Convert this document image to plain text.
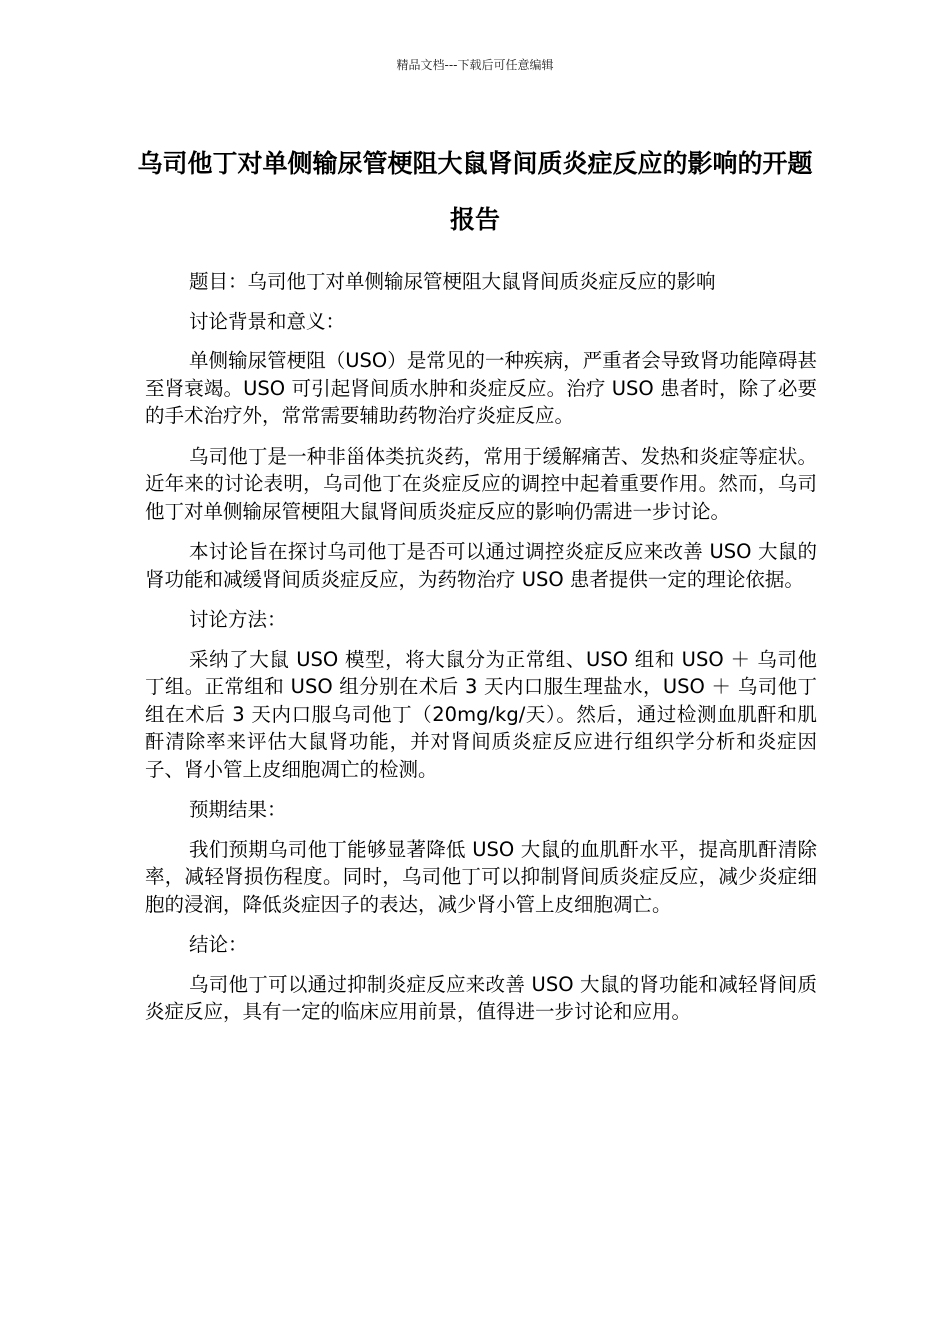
精品文档---下载后可任意编辑
乌司他丁对单侧输尿管梗阻大鼠肾间质炎症反应的影响的开题报告

题目：乌司他丁对单侧输尿管梗阻大鼠肾间质炎症反应的影响

讨论背景和意义：

单侧输尿管梗阻（USO）是常见的一种疾病，严重者会导致肾功能障碍甚至肾衰竭。USO 可引起肾间质水肿和炎症反应。治疗 USO 患者时，除了必要的手术治疗外，常常需要辅助药物治疗炎症反应。

乌司他丁是一种非甾体类抗炎药，常用于缓解痛苦、发热和炎症等症状。近年来的讨论表明，乌司他丁在炎症反应的调控中起着重要作用。然而，乌司他丁对单侧输尿管梗阻大鼠肾间质炎症反应的影响仍需进一步讨论。

本讨论旨在探讨乌司他丁是否可以通过调控炎症反应来改善 USO 大鼠的肾功能和减缓肾间质炎症反应，为药物治疗 USO 患者提供一定的理论依据。

讨论方法：

采纳了大鼠 USO 模型，将大鼠分为正常组、USO 组和 USO ＋ 乌司他丁组。正常组和 USO 组分别在术后 3 天内口服生理盐水，USO ＋ 乌司他丁组在术后 3 天内口服乌司他丁（20mg/kg/天）。然后，通过检测血肌酐和肌酐清除率来评估大鼠肾功能，并对肾间质炎症反应进行组织学分析和炎症因子、肾小管上皮细胞凋亡的检测。

预期结果：

我们预期乌司他丁能够显著降低 USO 大鼠的血肌酐水平，提高肌酐清除率，减轻肾损伤程度。同时，乌司他丁可以抑制肾间质炎症反应，减少炎症细胞的浸润，降低炎症因子的表达，减少肾小管上皮细胞凋亡。

结论：

乌司他丁可以通过抑制炎症反应来改善 USO 大鼠的肾功能和减轻肾间质炎症反应，具有一定的临床应用前景，值得进一步讨论和应用。
